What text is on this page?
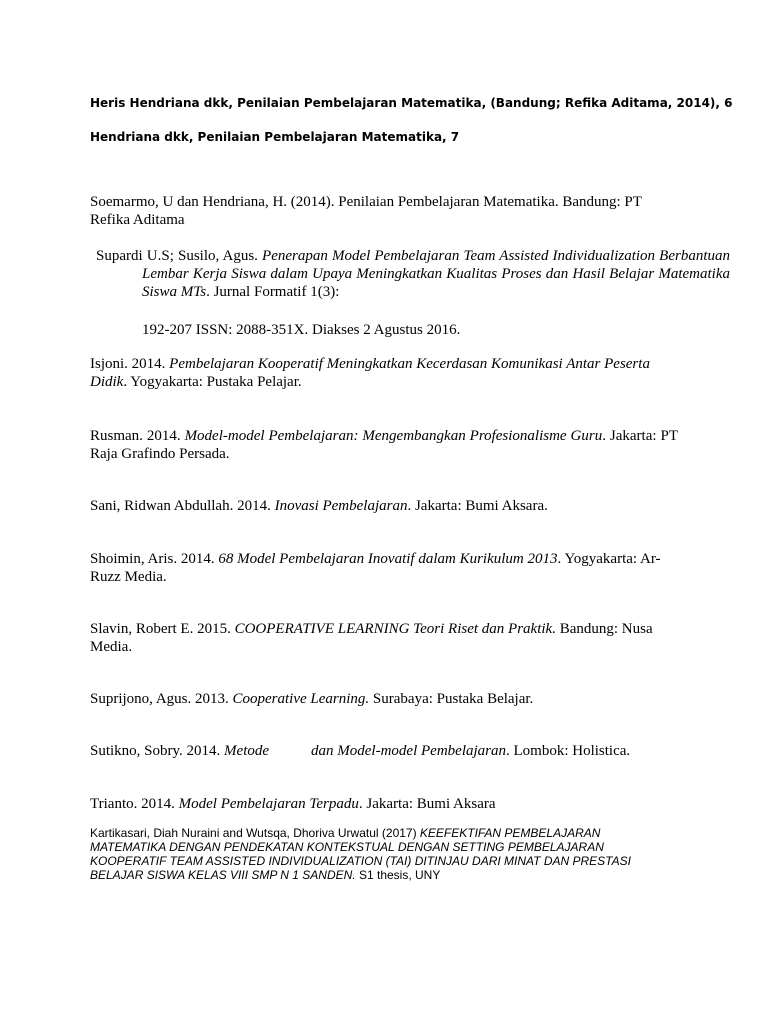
Heris Hendriana dkk, Penilaian Pembelajaran Matematika, (Bandung; Refika Aditama, 2014), 6
Hendriana dkk, Penilaian Pembelajaran Matematika, 7
Soemarmo, U dan Hendriana, H. (2014). Penilaian Pembelajaran Matematika. Bandung: PT Refika Aditama
Supardi U.S; Susilo, Agus. Penerapan Model Pembelajaran Team Assisted Individualization Berbantuan Lembar Kerja Siswa dalam Upaya Meningkatkan Kualitas Proses dan Hasil Belajar Matematika Siswa MTs. Jurnal Formatif 1(3):
192-207 ISSN: 2088-351X. Diakses 2 Agustus 2016.
Isjoni. 2014. Pembelajaran Kooperatif Meningkatkan Kecerdasan Komunikasi Antar Peserta Didik. Yogyakarta: Pustaka Pelajar.
Rusman. 2014. Model-model Pembelajaran: Mengembangkan Profesionalisme Guru. Jakarta: PT Raja Grafindo Persada.
Sani, Ridwan Abdullah. 2014. Inovasi Pembelajaran. Jakarta: Bumi Aksara.
Shoimin, Aris. 2014. 68 Model Pembelajaran Inovatif dalam Kurikulum 2013. Yogyakarta: Ar-Ruzz Media.
Slavin, Robert E. 2015. COOPERATIVE LEARNING Teori Riset dan Praktik. Bandung: Nusa Media.
Suprijono, Agus. 2013. Cooperative Learning. Surabaya: Pustaka Belajar.
Sutikno, Sobry. 2014. Metode	dan Model-model Pembelajaran. Lombok: Holistica.
Trianto. 2014. Model Pembelajaran Terpadu. Jakarta: Bumi Aksara
Kartikasari, Diah Nuraini and Wutsqa, Dhoriva Urwatul (2017) KEEFEKTIFAN PEMBELAJARAN MATEMATIKA DENGAN PENDEKATAN KONTEKSTUAL DENGAN SETTING PEMBELAJARAN KOOPERATIF TEAM ASSISTED INDIVIDUALIZATION (TAI) DITINJAU DARI MINAT DAN PRESTASI BELAJAR SISWA KELAS VIII SMP N 1 SANDEN. S1 thesis, UNY
